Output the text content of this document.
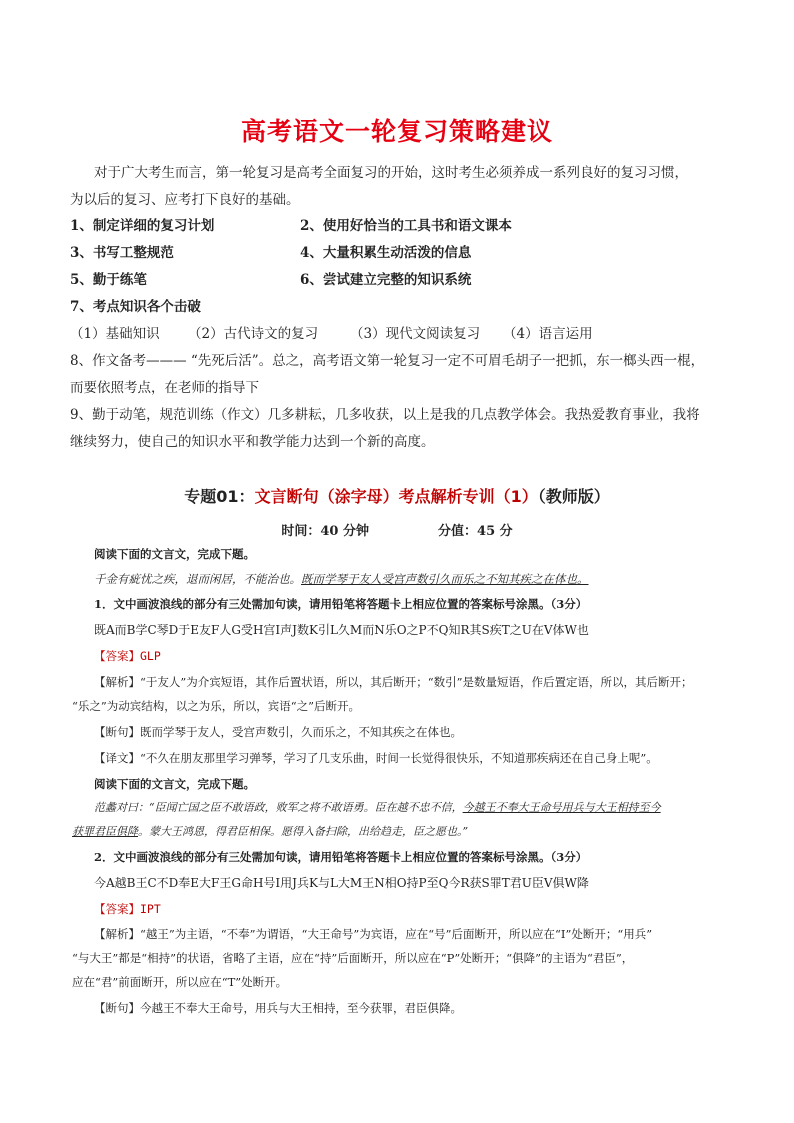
高考语文一轮复习策略建议
对于广大考生而言，第一轮复习是高考全面复习的开始，这时考生必须养成一系列良好的复习习惯，
为以后的复习、应考打下良好的基础。
1、制定详细的复习计划	2、使用好恰当的工具书和语文课本
3、书写工整规范	4、大量积累生动活泼的信息
5、勤于练笔	6、尝试建立完整的知识系统
7、考点知识各个击破
（1）基础知识 （2）古代诗文的复习 （3）现代文阅读复习 （4）语言运用
8、作文备考——— “先死后活”。总之，高考语文第一轮复习一定不可眉毛胡子一把抓，东一榔头西一棍，
而要依照考点，在老师的指导下
9、勤于动笔，规范训练（作文）几多耕耘，几多收获，以上是我的几点教学体会。我热爱教育事业，我将
继续努力，使自己的知识水平和教学能力达到一个新的高度。
专题01：文言断句（涂字母）考点解析专训（1）（教师版）
时间：40 分钟	分值：45 分
阅读下面的文言文，完成下题。
千金有疵忧之疾，退而闲居，不能治也。既而学琴于友人受宫声数引久而乐之不知其疾之在体也。
1．文中画波浪线的部分有三处需加句读，请用铅笔将答题卡上相应位置的答案标号涂黑。（3分）
既A而B学C琴D于E友F人G受H宫I声J数K引L久M而N乐O之P不Q知R其S疾T之U在V体W也
【答案】GLP
【解析】“于友人”为介宾短语，其作后置状语，所以，其后断开；“数引”是数量短语，作后置定语，所以，其后断开；
“乐之”为动宾结构，以之为乐，所以，宾语“之”后断开。
【断句】既而学琴于友人，受宫声数引，久而乐之，不知其疾之在体也。
【译文】“不久在朋友那里学习弹琴，学习了几支乐曲，时间一长觉得很快乐，不知道那疾病还在自己身上呢”。
阅读下面的文言文，完成下题。
范蠡对曰：“臣闻亡国之臣不敢语政，败军之将不敢语勇。臣在越不忠不信，今越王不奉大王命号用兵与大王相持至今
获罪君臣俱降。蒙大王鸿恩，得君臣相保。愿得入备扫除，出给趋走，臣之愿也。”
2．文中画波浪线的部分有三处需加句读，请用铅笔将答题卡上相应位置的答案标号涂黑。（3分）
今A越B王C不D奉E大F王G命H号I用J兵K与L大M王N相O持P至Q今R获S罪T君U臣V俱W降
【答案】IPT
【解析】“越王”为主语，“不奉”为谓语，“大王命号”为宾语，应在“号”后面断开，所以应在“I”处断开；“用兵”
“与大王”都是“相持”的状语，省略了主语，应在“持”后面断开，所以应在“P”处断开；“俱降”的主语为“君臣”，
应在“君”前面断开，所以应在“T”处断开。
【断句】今越王不奉大王命号，用兵与大王相持，至今获罪，君臣俱降。
